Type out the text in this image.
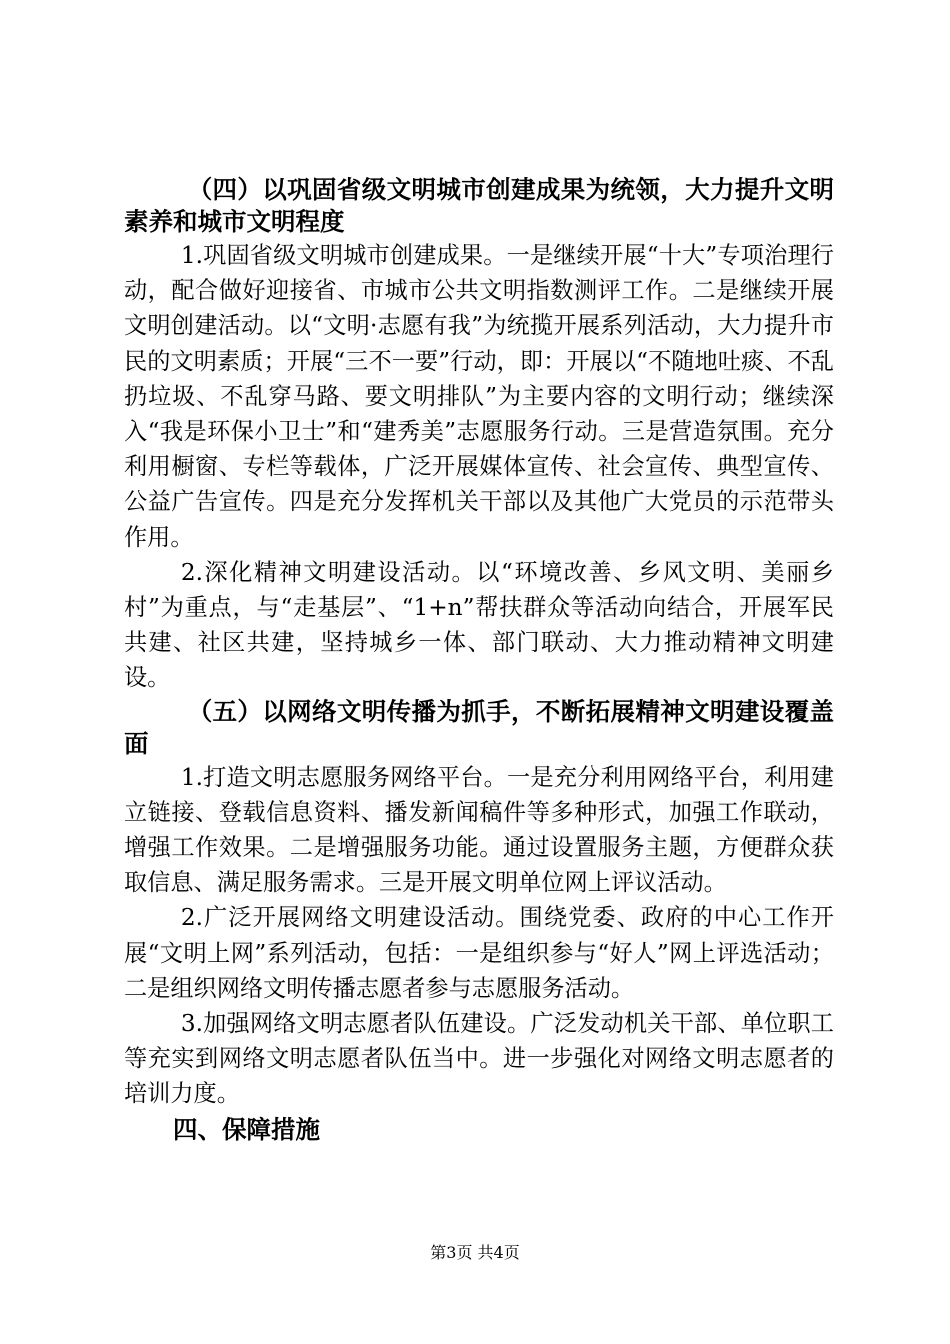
（四）以巩固省级文明城市创建成果为统领，大力提升文明素养和城市文明程度

1.巩固省级文明城市创建成果。一是继续开展“十大”专项治理行动，配合做好迎接省、市城市公共文明指数测评工作。二是继续开展文明创建活动。以“文明·志愿有我”为统揽开展系列活动，大力提升市民的文明素质；开展“三不一要”行动，即：开展以“不随地吐痰、不乱扔垃圾、不乱穿马路、要文明排队”为主要内容的文明行动；继续深入“我是环保小卫士”和“建秀美”志愿服务行动。三是营造氛围。充分利用橱窗、专栏等载体，广泛开展媒体宣传、社会宣传、典型宣传、公益广告宣传。四是充分发挥机关干部以及其他广大党员的示范带头作用。

2.深化精神文明建设活动。以“环境改善、乡风文明、美丽乡村”为重点，与“走基层”、“1+n”帮扶群众等活动向结合，开展军民共建、社区共建，坚持城乡一体、部门联动、大力推动精神文明建设。

（五）以网络文明传播为抓手，不断拓展精神文明建设覆盖面

1.打造文明志愿服务网络平台。一是充分利用网络平台，利用建立链接、登载信息资料、播发新闻稿件等多种形式，加强工作联动，增强工作效果。二是增强服务功能。通过设置服务主题，方便群众获取信息、满足服务需求。三是开展文明单位网上评议活动。

2.广泛开展网络文明建设活动。围绕党委、政府的中心工作开展“文明上网”系列活动，包括：一是组织参与“好人”网上评选活动；二是组织网络文明传播志愿者参与志愿服务活动。

3.加强网络文明志愿者队伍建设。广泛发动机关干部、单位职工等充实到网络文明志愿者队伍当中。进一步强化对网络文明志愿者的培训力度。

四、保障措施

第3页 共4页
